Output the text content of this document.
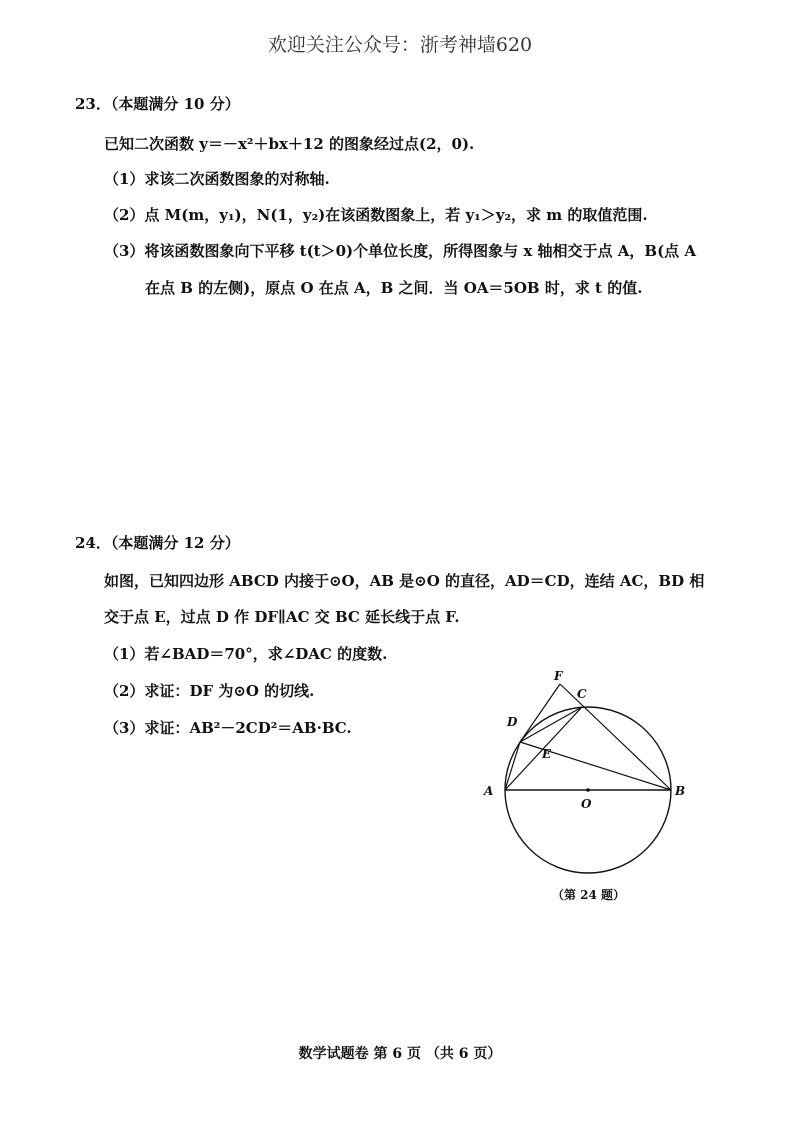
欢迎关注公众号：浙考神墙620
23．（本题满分 10 分）
已知二次函数 y＝－x²＋bx＋12 的图象经过点(2，0).
（1）求该二次函数图象的对称轴.
（2）点 M(m，y₁)，N(1，y₂)在该函数图象上，若 y₁＞y₂，求 m 的取值范围.
（3）将该函数图象向下平移 t(t＞0)个单位长度，所得图象与 x 轴相交于点 A，B(点 A
在点 B 的左侧)，原点 O 在点 A，B 之间．当 OA＝5OB 时，求 t 的值.
24．（本题满分 12 分）
如图，已知四边形 ABCD 内接于⊙O，AB 是⊙O 的直径，AD＝CD，连结 AC，BD 相
交于点 E，过点 D 作 DF∥AC 交 BC 延长线于点 F.
（1）若∠BAD＝70°，求∠DAC 的度数.
（2）求证：DF 为⊙O 的切线.
（3）求证：AB²－2CD²＝AB·BC.
A	B
C
D
E
F
O
（第 24 题）
数学试题卷 第 6 页 （共 6 页）
